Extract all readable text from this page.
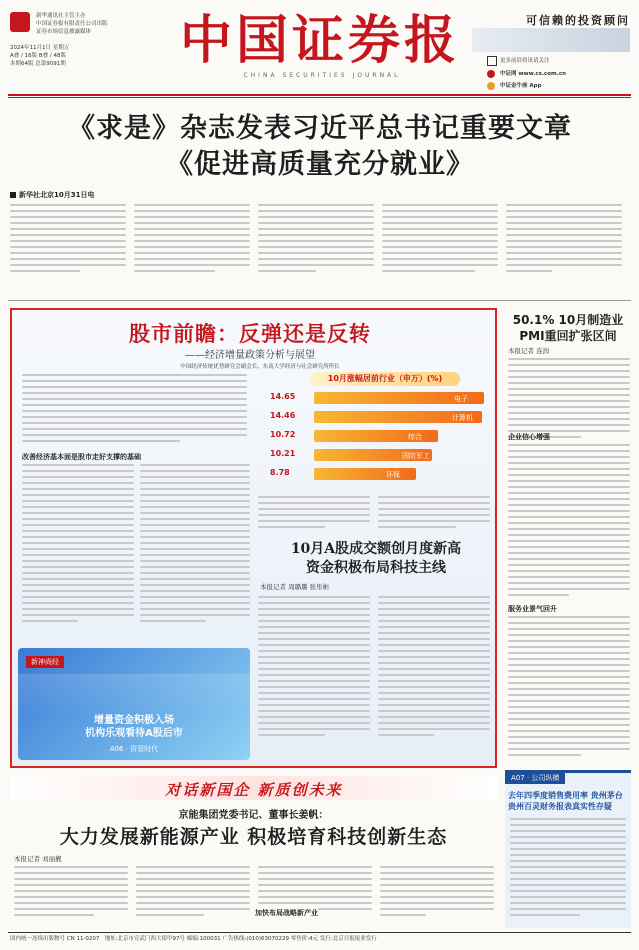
新华通讯社主管主办
中国证券报有限责任公司出版
证券市场信息披露媒体
2024年11月1日 星期五
A叠 / 16版 B叠 / 48版
本期64版 总第9091期	中国证券报
CHINA SECURITIES JOURNAL
可信赖的投资顾问
更多前沿资讯请关注
中证网 www.cs.com.cn
中证金牛座 App
《求是》杂志发表习近平总书记重要文章
《促进高质量充分就业》
新华社北京10月31日电
股市前瞻：反弹还是反转
——经济增量政策分析与展望
中国经济传统优势研究会副会长、东南大学经济与社会研究所所长
改善经济基本面是股市走好支撑的基础
10月涨幅居前行业（申万）(%)
14.65	电子
14.46	计算机
10.72	综合
10.21	国防军工
8.78	环保
10月A股成交额创月度新高
资金积极布局科技主线
本报记者 周璐璐 张彤彬
新神尚经
增量资金积极入场
机构乐观看待A股后市
A06 · 资管时代
50.1% 10月制造业
PMI重回扩张区间
本报记者 连润
企业信心增强
服务业景气回升
A07 · 公司纵横
去年四季度销售费用率 贵州茅台
贵州百灵财务报表真实性存疑
对话新国企 新质创未来
京能集团党委书记、董事长姜帆：
大力发展新能源产业 积极培育科技创新生态
本报记者 刘丽靓
加快布局战略新产业
国内统一连续出版物号 CN 11-0207 地址:北京市宣武门西大街甲97号 邮编:100031 广告热线:(010)63070229 零售价:4元 发行:北京日报报业发行
